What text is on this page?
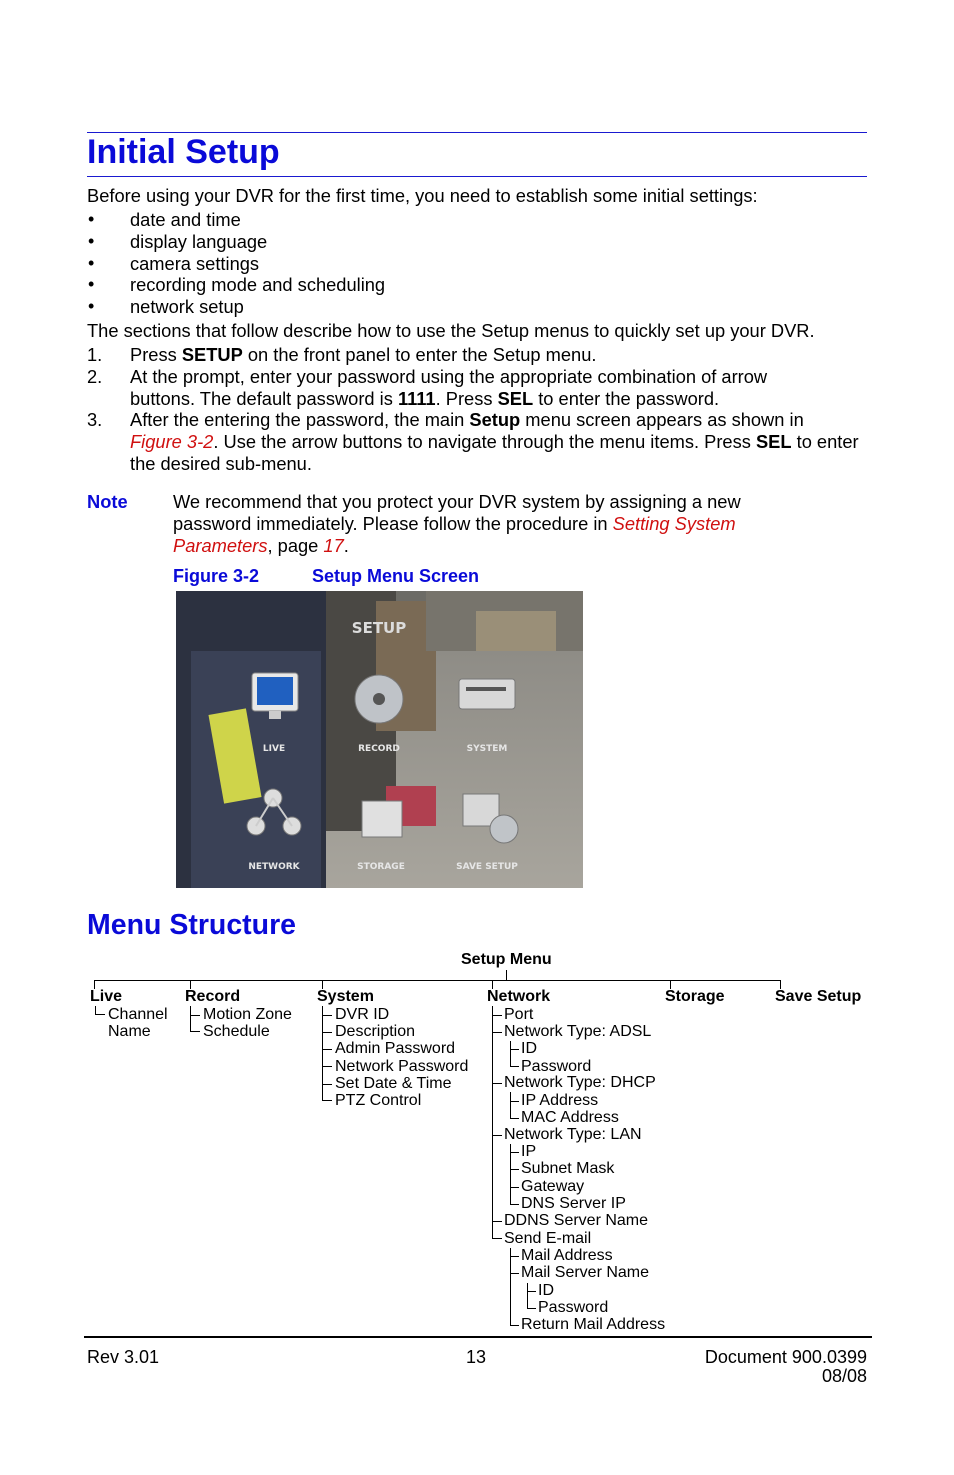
Initial Setup
Before using your DVR for the first time, you need to establish some initial settings:
• date and time
• display language
• camera settings
• recording mode and scheduling
• network setup
The sections that follow describe how to use the Setup menus to quickly set up your DVR.
1. Press SETUP on the front panel to enter the Setup menu.
2. At the prompt, enter your password using the appropriate combination of arrow buttons. The default password is 1111. Press SEL to enter the password.
3. After the entering the password, the main Setup menu screen appears as shown in Figure 3-2. Use the arrow buttons to navigate through the menu items. Press SEL to enter the desired sub-menu.
Note We recommend that you protect your DVR system by assigning a new password immediately. Please follow the procedure in Setting System Parameters, page 17.
Figure 3-2	Setup Menu Screen
SETUP
LIVE	RECORD	SYSTEM
NETWORK	STORAGE	SAVE SETUP
Menu Structure
Setup Menu
Live	Record	System	Network	Storage	Save Setup
Channel
Name
Motion Zone
Schedule
DVR ID
Description
Admin Password
Network Password
Set Date & Time
PTZ Control
Port
Network Type: ADSL
ID
Password
Network Type: DHCP
IP Address
MAC Address
Network Type: LAN
IP
Subnet Mask
Gateway
DNS Server IP
DDNS Server Name
Send E-mail
Mail Address
Mail Server Name
ID
Password
Return Mail Address
Rev 3.01	13	Document 900.0399
08/08
